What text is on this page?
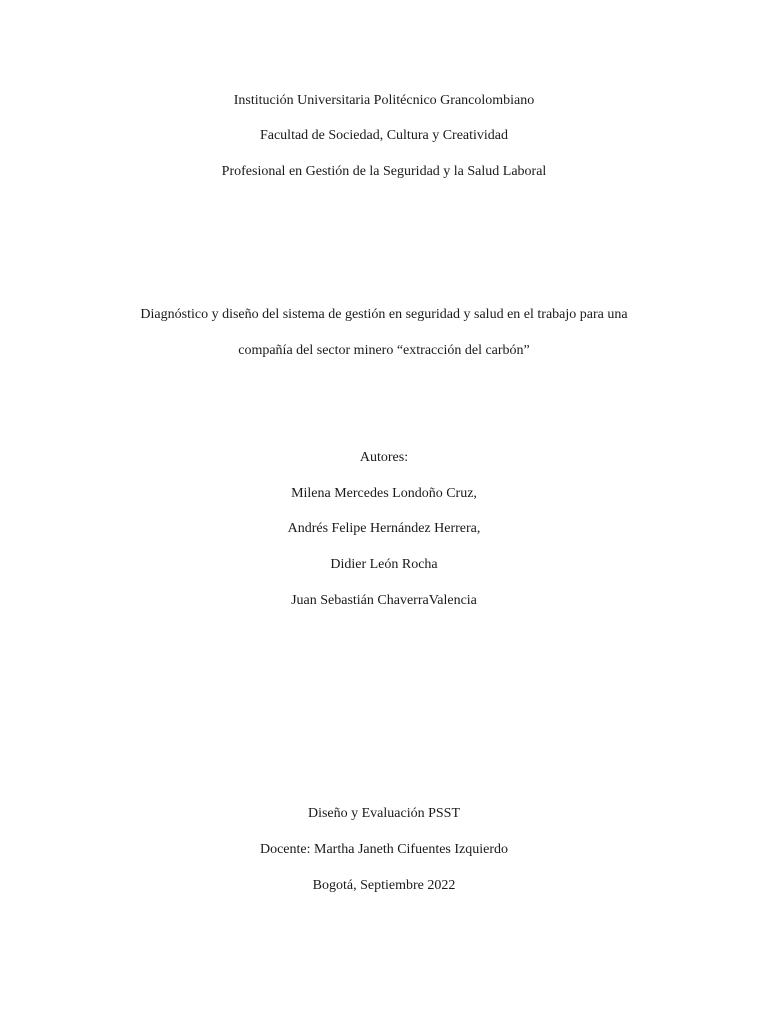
Institución Universitaria Politécnico Grancolombiano
Facultad de Sociedad, Cultura y Creatividad
Profesional en Gestión de la Seguridad y la Salud Laboral
Diagnóstico y diseño del sistema de gestión en seguridad y salud en el trabajo para una
compañía del sector minero “extracción del carbón”
Autores:
Milena Mercedes Londoño Cruz,
Andrés Felipe Hernández Herrera,
Didier León Rocha
Juan Sebastián ChaverraValencia
Diseño y Evaluación PSST
Docente: Martha Janeth Cifuentes Izquierdo
Bogotá, Septiembre 2022
